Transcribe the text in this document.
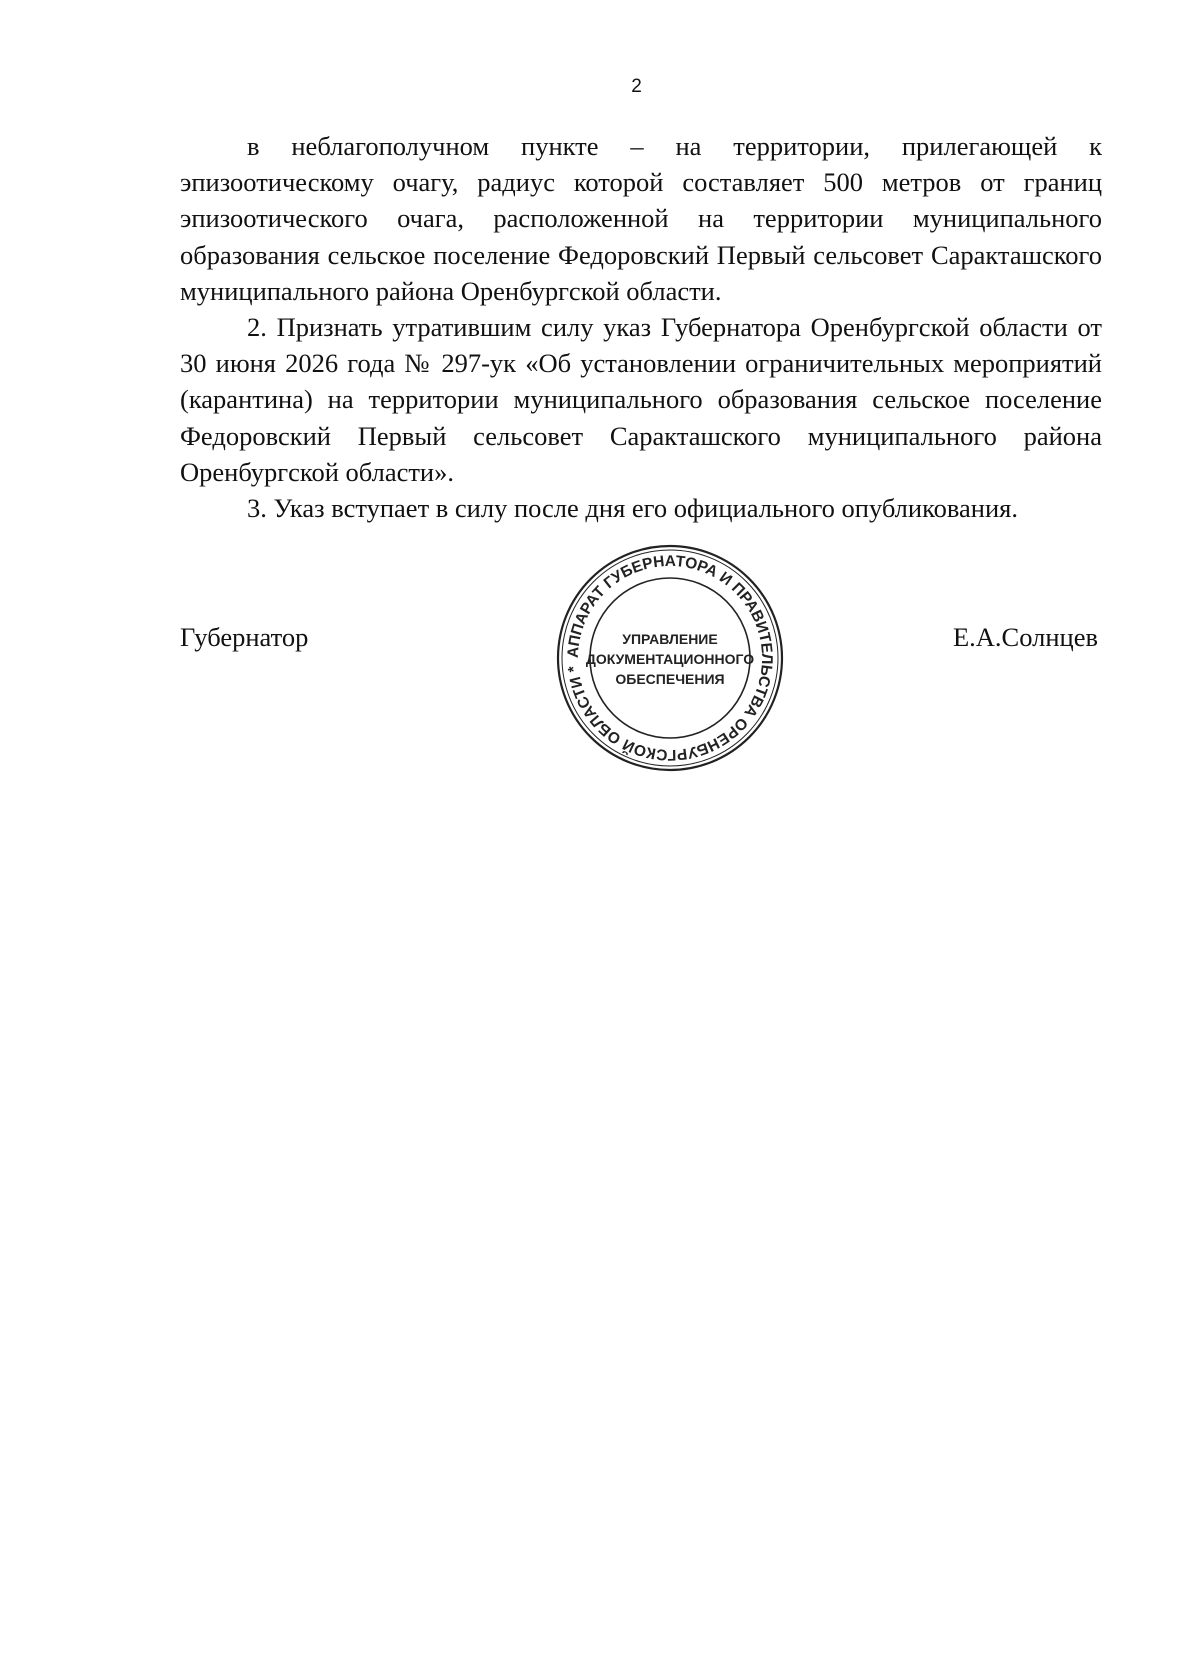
2

в неблагополучном пункте – на территории, прилегающей к эпизоотическому очагу, радиус которой составляет 500 метров от границ эпизоотического очага, расположенной на территории муниципального образования сельское поселение Федоровский Первый сельсовет Саракташского муниципального района Оренбургской области.

2. Признать утратившим силу указ Губернатора Оренбургской области от 30 июня 2026 года № 297-ук «Об установлении ограничительных мероприятий (карантина) на территории муниципального образования сельское поселение Федоровский Первый сельсовет Саракташского муниципального района Оренбургской области».

3. Указ вступает в силу после дня его официального опубликования.

Губернатор
АППАРАТ ГУБЕРНАТОРА И ПРАВИТЕЛЬСТВА ОРЕНБУРГСКОЙ ОБЛАСТИ *
УПРАВЛЕНИЕ
ДОКУМЕНТАЦИОННОГО
ОБЕСПЕЧЕНИЯ
Е.А.Солнцев
